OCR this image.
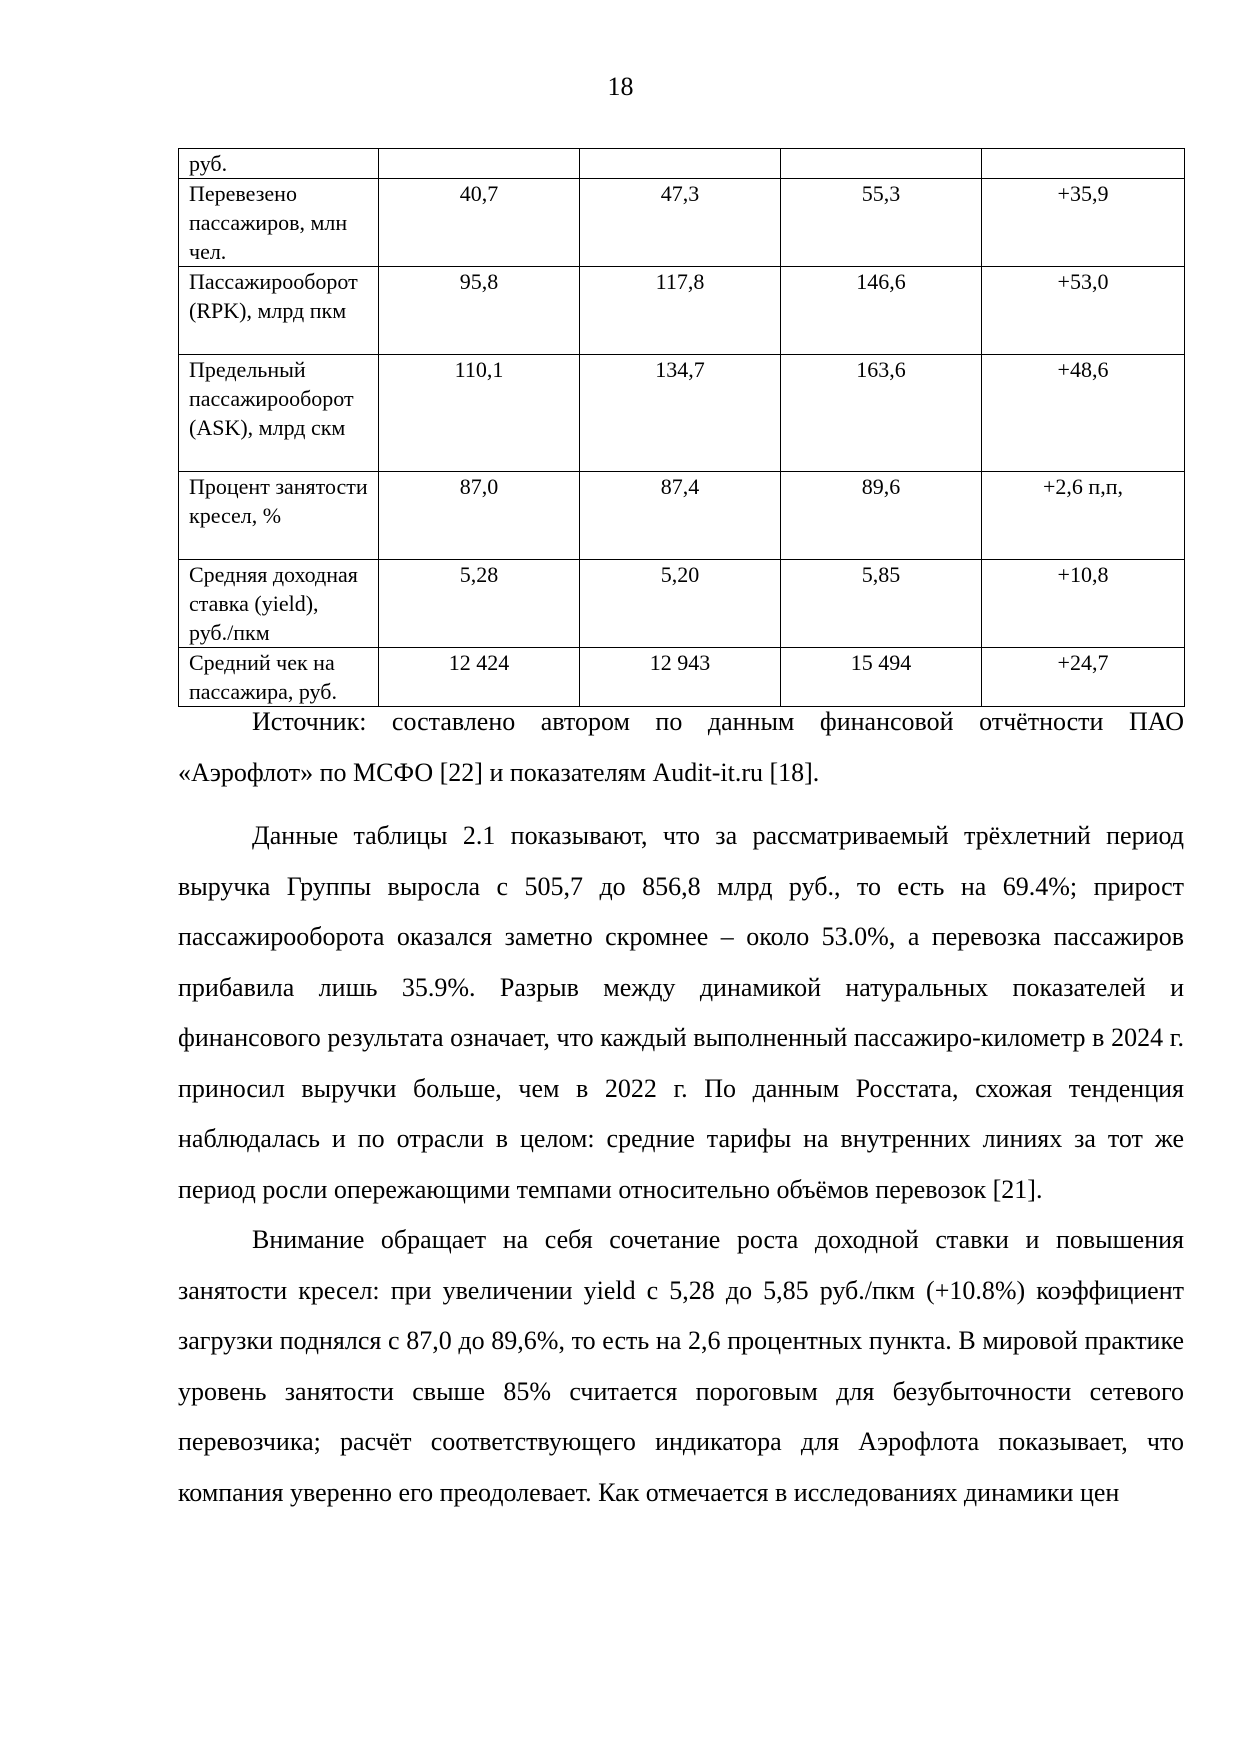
18
руб.				
Перевезено пассажиров, млн чел.	40,7	47,3	55,3	+35,9
Пассажирооборот (RPK), млрд пкм	95,8	117,8	146,6	+53,0
Предельный пассажирооборот (ASK), млрд скм	110,1	134,7	163,6	+48,6
Процент занятости кресел, %	87,0	87,4	89,6	+2,6 п,п,
Средняя доходная ставка (yield), руб./пкм	5,28	5,20	5,85	+10,8
Средний чек на пассажира, руб.	12 424	12 943	15 494	+24,7

Источник: составлено автором по данным финансовой отчётности ПАО «Аэрофлот» по МСФО [22] и показателям Audit-it.ru [18].

Данные таблицы 2.1 показывают, что за рассматриваемый трёхлетний период выручка Группы выросла с 505,7 до 856,8 млрд руб., то есть на 69.4%; прирост пассажирооборота оказался заметно скромнее – около 53.0%, а перевозка пассажиров прибавила лишь 35.9%. Разрыв между динамикой натуральных показателей и финансового результата означает, что каждый выполненный пассажиро-километр в 2024 г. приносил выручки больше, чем в 2022 г. По данным Росстата, схожая тенденция наблюдалась и по отрасли в целом: средние тарифы на внутренних линиях за тот же период росли опережающими темпами относительно объёмов перевозок [21].

Внимание обращает на себя сочетание роста доходной ставки и повышения занятости кресел: при увеличении yield с 5,28 до 5,85 руб./пкм (+10.8%) коэффициент загрузки поднялся с 87,0 до 89,6%, то есть на 2,6 процентных пункта. В мировой практике уровень занятости свыше 85% считается пороговым для безубыточности сетевого перевозчика; расчёт соответствующего индикатора для Аэрофлота показывает, что компания уверенно его преодолевает. Как отмечается в исследованиях динамики цен
